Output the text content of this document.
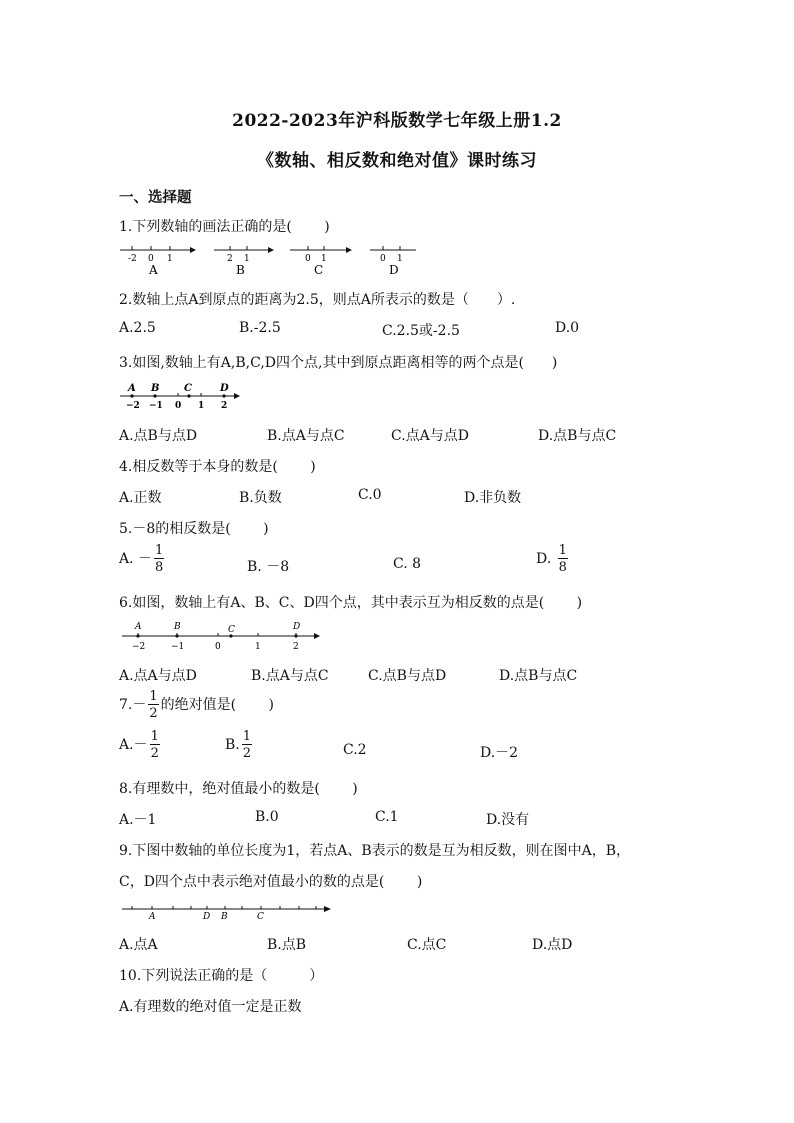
2022-2023年沪科版数学七年级上册1.2
《数轴、相反数和绝对值》课时练习
一、选择题
1.下列数轴的画法正确的是(　　 )
-2 0 1
A
2 1
B
0 1
C
0 1
D
2.数轴上点A到原点的距离为2.5，则点A所表示的数是（　　）.
A.2.5	B.-2.5	C.2.5或-2.5	D.0
3.如图,数轴上有A,B,C,D四个点,其中到原点距离相等的两个点是(　　)
A B C	D
−2 −1 0 1 2
A.点B与点D	B.点A与点C	C.点A与点D	D.点B与点C
4.相反数等于本身的数是(　　 )
A.正数	B.负数	C.0	D.非负数
5.－8的相反数是(　　 )
A. － $\frac{1}{8}$	B. －8	C. 8	D. $\frac{1}{8}$
6.如图，数轴上有A、B、C、D四个点，其中表示互为相反数的点是(　　 )
A	B	C	D
−2	−1	0	1	2
A.点A与点D	B.点A与点C	C.点B与点D	D.点B与点C
$7.- \frac{1}{2}$ 的绝对值是(　　 )
$A.- \frac{1}{2}$	B. $\frac{1}{2}$	C.2	D.－2
8.有理数中，绝对值最小的数是(　　 )
A.－1	B.0	C.1	D.没有
9.下图中数轴的单位长度为1，若点A、B表示的数是互为相反数，则在图中A，B，
C，D四个点中表示绝对值最小的数的点是(　　 )
A	D B	C
A.点A	B.点B	C.点C	D.点D
10.下列说法正确的是（　　　）
A.有理数的绝对值一定是正数
